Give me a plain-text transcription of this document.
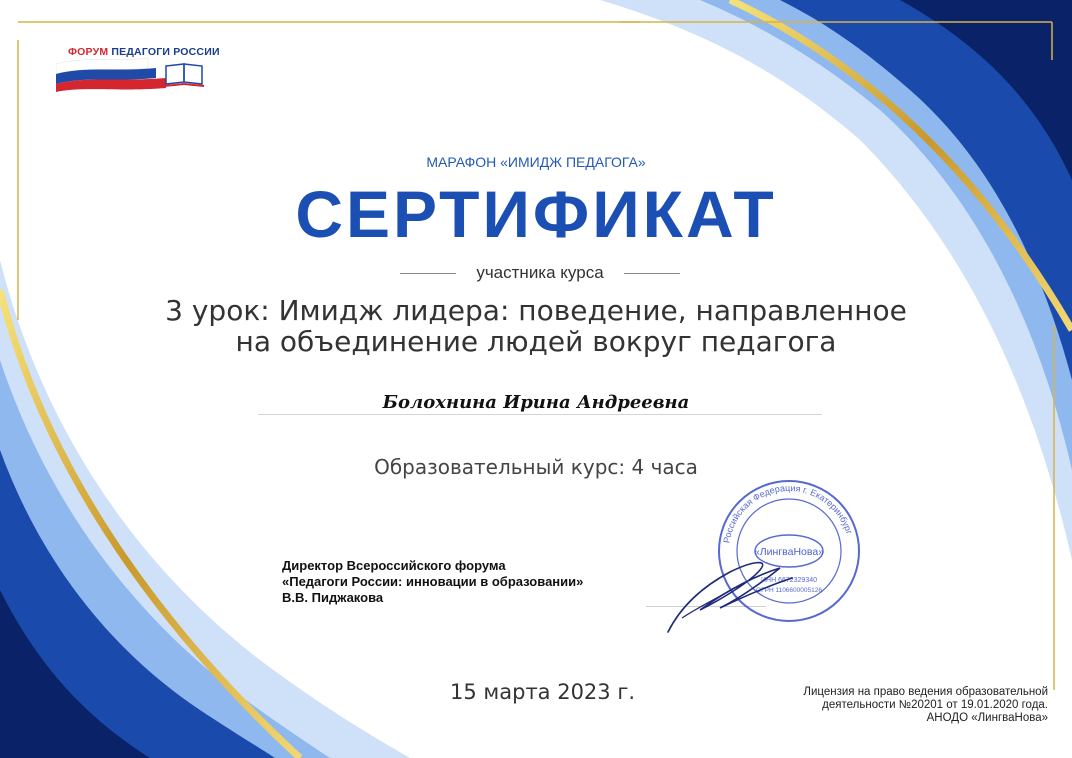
ФОРУМ ПЕДАГОГИ РОССИИ
МАРАФОН «ИМИДЖ ПЕДАГОГА»
СЕРТИФИКАТ
участника курса
3 урок: Имидж лидера: поведение, направленное
на объединение людей вокруг педагога
Болохнина Ирина Андреевна
Образовательный курс: 4 часа
Директор Всероссийского форума
«Педагоги России: инновации в образовании»
В.В. Пиджакова
Российская Федерация г. Екатеринбург
«ЛингваНова»
ИНН 6672329340
ОГРН 1106600005126
15 марта 2023 г.	Лицензия на право ведения образовательной
деятельности №20201 от 19.01.2020 года.
АНОДО «ЛингваНова»
